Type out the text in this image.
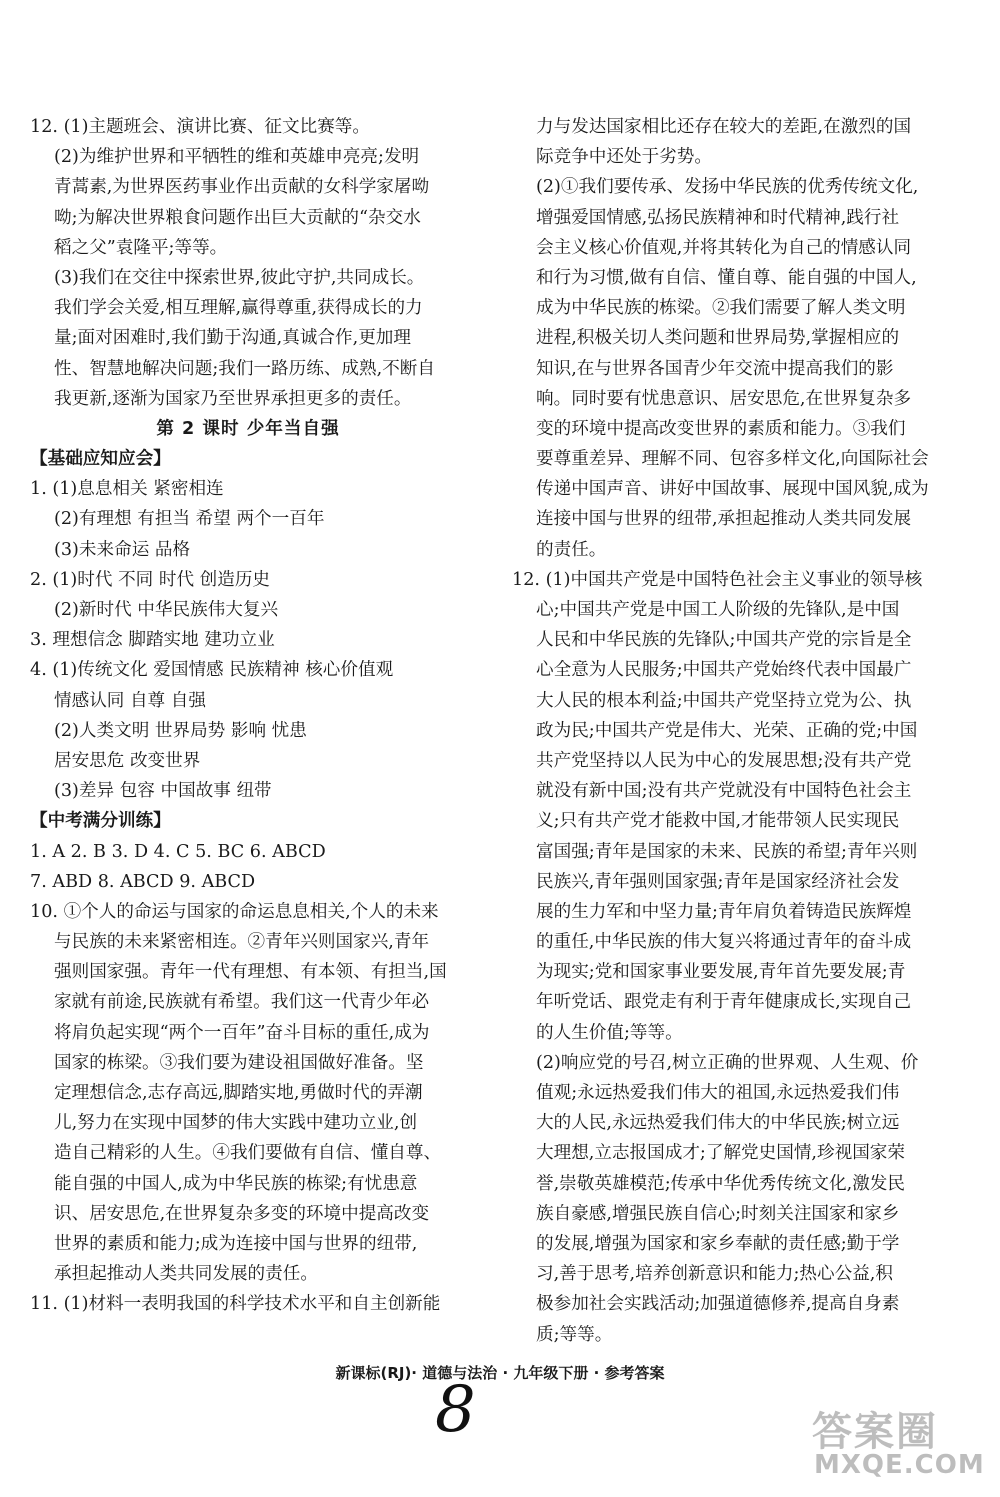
12. (1)主题班会、演讲比赛、征文比赛等。
(2)为维护世界和平牺牲的维和英雄申亮亮;发明
青蒿素,为世界医药事业作出贡献的女科学家屠呦
呦;为解决世界粮食问题作出巨大贡献的“杂交水
稻之父”袁隆平;等等。
(3)我们在交往中探索世界,彼此守护,共同成长。
我们学会关爱,相互理解,赢得尊重,获得成长的力
量;面对困难时,我们勤于沟通,真诚合作,更加理
性、智慧地解决问题;我们一路历练、成熟,不断自
我更新,逐渐为国家乃至世界承担更多的责任。
第 2 课时 少年当自强
【基础应知应会】
1. (1)息息相关 紧密相连
(2)有理想 有担当 希望 两个一百年
(3)未来命运 品格
2. (1)时代 不同 时代 创造历史
(2)新时代 中华民族伟大复兴
3. 理想信念 脚踏实地 建功立业
4. (1)传统文化 爱国情感 民族精神 核心价值观
情感认同 自尊 自强
(2)人类文明 世界局势 影响 忧患
居安思危 改变世界
(3)差异 包容 中国故事 纽带
【中考满分训练】
1. A 2. B 3. D 4. C 5. BC 6. ABCD
7. ABD 8. ABCD 9. ABCD
10. ①个人的命运与国家的命运息息相关,个人的未来
与民族的未来紧密相连。②青年兴则国家兴,青年
强则国家强。青年一代有理想、有本领、有担当,国
家就有前途,民族就有希望。我们这一代青少年必
将肩负起实现“两个一百年”奋斗目标的重任,成为
国家的栋梁。③我们要为建设祖国做好准备。坚
定理想信念,志存高远,脚踏实地,勇做时代的弄潮
儿,努力在实现中国梦的伟大实践中建功立业,创
造自己精彩的人生。④我们要做有自信、懂自尊、
能自强的中国人,成为中华民族的栋梁;有忧患意
识、居安思危,在世界复杂多变的环境中提高改变
世界的素质和能力;成为连接中国与世界的纽带,
承担起推动人类共同发展的责任。
11. (1)材料一表明我国的科学技术水平和自主创新能
力与发达国家相比还存在较大的差距,在激烈的国
际竞争中还处于劣势。
(2)①我们要传承、发扬中华民族的优秀传统文化,
增强爱国情感,弘扬民族精神和时代精神,践行社
会主义核心价值观,并将其转化为自己的情感认同
和行为习惯,做有自信、懂自尊、能自强的中国人,
成为中华民族的栋梁。②我们需要了解人类文明
进程,积极关切人类问题和世界局势,掌握相应的
知识,在与世界各国青少年交流中提高我们的影
响。同时要有忧患意识、居安思危,在世界复杂多
变的环境中提高改变世界的素质和能力。③我们
要尊重差异、理解不同、包容多样文化,向国际社会
传递中国声音、讲好中国故事、展现中国风貌,成为
连接中国与世界的纽带,承担起推动人类共同发展
的责任。
12. (1)中国共产党是中国特色社会主义事业的领导核
心;中国共产党是中国工人阶级的先锋队,是中国
人民和中华民族的先锋队;中国共产党的宗旨是全
心全意为人民服务;中国共产党始终代表中国最广
大人民的根本利益;中国共产党坚持立党为公、执
政为民;中国共产党是伟大、光荣、正确的党;中国
共产党坚持以人民为中心的发展思想;没有共产党
就没有新中国;没有共产党就没有中国特色社会主
义;只有共产党才能救中国,才能带领人民实现民
富国强;青年是国家的未来、民族的希望;青年兴则
民族兴,青年强则国家强;青年是国家经济社会发
展的生力军和中坚力量;青年肩负着铸造民族辉煌
的重任,中华民族的伟大复兴将通过青年的奋斗成
为现实;党和国家事业要发展,青年首先要发展;青
年听党话、跟党走有利于青年健康成长,实现自己
的人生价值;等等。
(2)响应党的号召,树立正确的世界观、人生观、价
值观;永远热爱我们伟大的祖国,永远热爱我们伟
大的人民,永远热爱我们伟大的中华民族;树立远
大理想,立志报国成才;了解党史国情,珍视国家荣
誉,崇敬英雄模范;传承中华优秀传统文化,激发民
族自豪感,增强民族自信心;时刻关注国家和家乡
的发展,增强为国家和家乡奉献的责任感;勤于学
习,善于思考,培养创新意识和能力;热心公益,积
极参加社会实践活动;加强道德修养,提高自身素
质;等等。
新课标(RJ)· 道德与法治 · 九年级下册 · 参考答案
8	答案圈
MXQE.COM
